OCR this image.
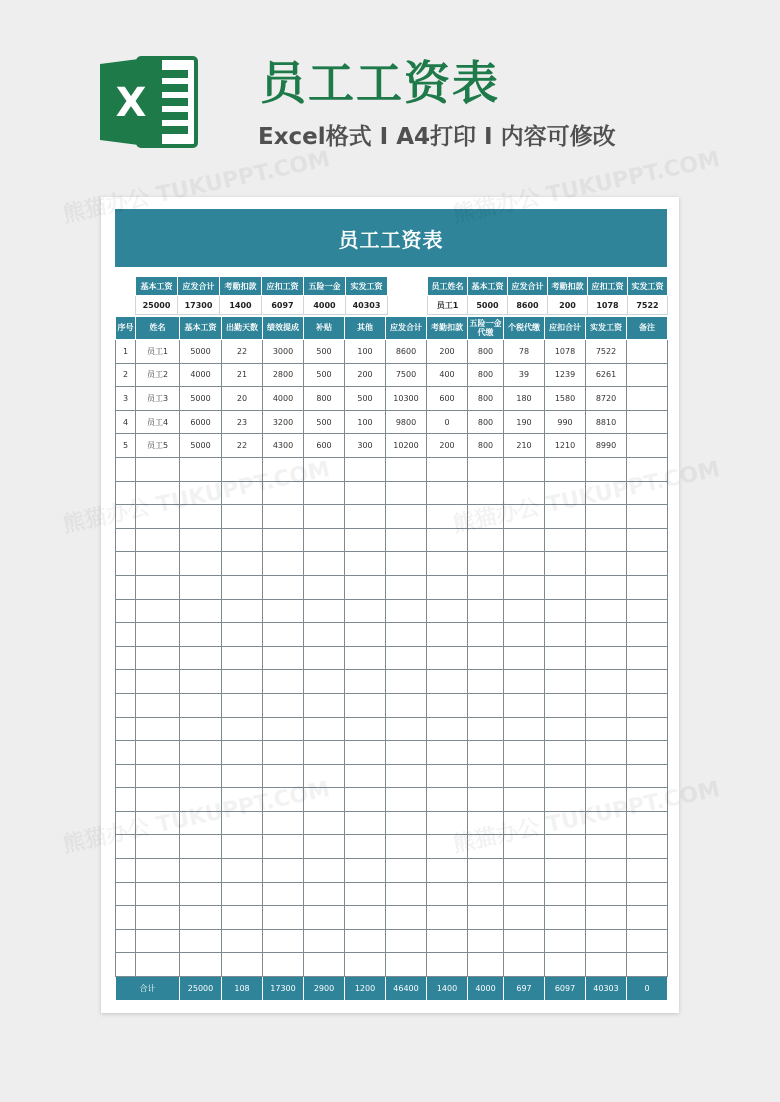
X 员工工资表
Excel格式 I A4打印 I 内容可修改
员工工资表
基本工资	应发合计	考勤扣款	应扣工资	五险一金	实发工资
25000	17300	1400	6097	4000	40303
员工姓名	基本工资	应发合计	考勤扣款	应扣工资	实发工资
员工1	5000	8600	200	1078	7522
序号	姓名	基本工资	出勤天数	绩效提成	补贴	其他	应发合计	考勤扣款	五险一金代缴	个税代缴	应扣合计	实发工资	备注
1	员工1	5000	22	3000	500	100	8600	200	800	78	1078	7522	
2	员工2	4000	21	2800	500	200	7500	400	800	39	1239	6261	
3	员工3	5000	20	4000	800	500	10300	600	800	180	1580	8720	
4	员工4	6000	23	3200	500	100	9800	0	800	190	990	8810	
5	员工5	5000	22	4300	600	300	10200	200	800	210	1210	8990	

合计		25000	108	17300	2900	1200	46400	1400	4000	697	6097	40303	0
熊猫办公 TUKUPPT.COM	熊猫办公 TUKUPPT.COM
